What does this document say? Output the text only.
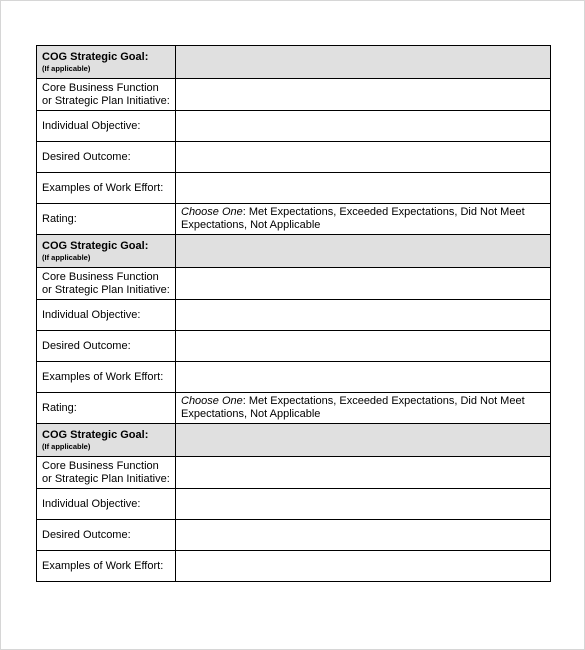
COG Strategic Goal:
(If applicable)	

Core Business Function or Strategic Plan Initiative:	
Individual Objective:	
Desired Outcome:	
Examples of Work Effort:	
Rating:	Choose One: Met Expectations, Exceeded Expectations, Did Not Meet Expectations, Not Applicable

COG Strategic Goal:
(If applicable)	

Core Business Function or Strategic Plan Initiative:	
Individual Objective:	
Desired Outcome:	
Examples of Work Effort:	
Rating:	Choose One: Met Expectations, Exceeded Expectations, Did Not Meet Expectations, Not Applicable

COG Strategic Goal:
(If applicable)	

Core Business Function or Strategic Plan Initiative:	
Individual Objective:	
Desired Outcome:	
Examples of Work Effort:	
